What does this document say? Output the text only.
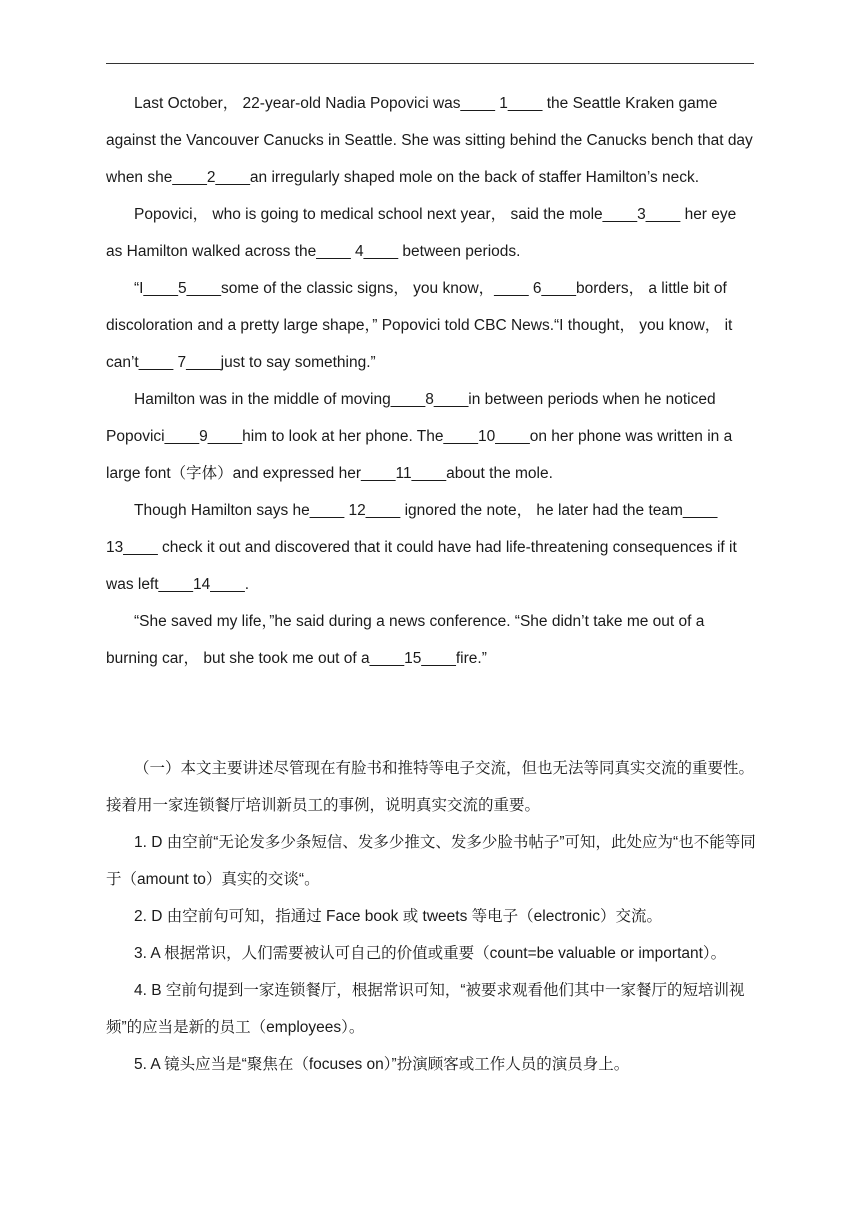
Last October， 22-year-old Nadia Popovici was____ 1____ the Seattle Kraken game against the Vancouver Canucks in Seattle. She was sitting behind the Canucks bench that day when she____2____an irregularly shaped mole on the back of staffer Hamilton’s neck.

Popovici， who is going to medical school next year， said the mole____3____ her eye as Hamilton walked across the____ 4____ between periods.

“I____5____some of the classic signs， you know，____ 6____borders， a little bit of discoloration and a pretty large shape，” Popovici told CBC News.“I thought， you know， it can’t____ 7____just to say something.”

Hamilton was in the middle of moving____8____in between periods when he noticed Popovici____9____him to look at her phone. The____10____on her phone was written in a large font（字体）and expressed her____11____about the mole.

Though Hamilton says he____ 12____ ignored the note， he later had the team____ 13____ check it out and discovered that it could have had life-threatening consequences if it was left____14____.

“She saved my life，”he said during a news conference. “She didn’t take me out of a burning car， but she took me out of a____15____fire.”

（一）本文主要讲述尽管现在有脸书和推特等电子交流，但也无法等同真实交流的重要性。接着用一家连锁餐厅培训新员工的事例，说明真实交流的重要。

1. D 由空前“无论发多少条短信、发多少推文、发多少脸书帖子”可知，此处应为“也不能等同于（amount to）真实的交谈“。

2. D 由空前句可知，指通过 Face book 或 tweets 等电子（electronic）交流。

3. A 根据常识，人们需要被认可自己的价值或重要（count=be valuable or important）。

4. B 空前句提到一家连锁餐厅，根据常识可知，“被要求观看他们其中一家餐厅的短培训视频”的应当是新的员工（employees）。

5. A 镜头应当是“聚焦在（focuses on）”扮演顾客或工作人员的演员身上。
